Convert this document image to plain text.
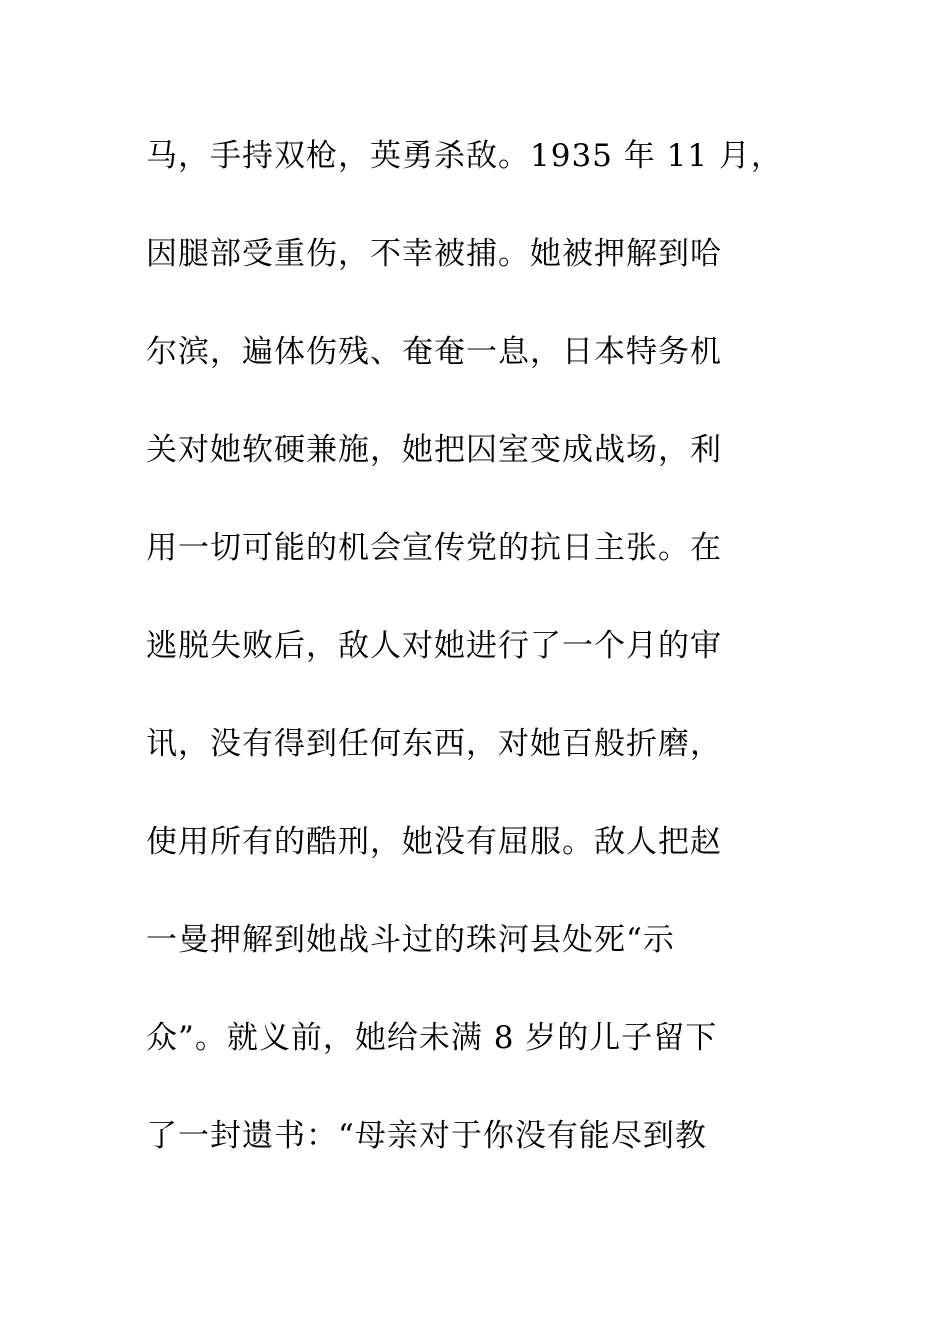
马，手持双枪，英勇杀敌。1935 年 11 月，
因腿部受重伤，不幸被捕。她被押解到哈
尔滨，遍体伤残、奄奄一息，日本特务机
关对她软硬兼施，她把囚室变成战场，利
用一切可能的机会宣传党的抗日主张。在
逃脱失败后，敌人对她进行了一个月的审
讯，没有得到任何东西，对她百般折磨，
使用所有的酷刑，她没有屈服。敌人把赵
一曼押解到她战斗过的珠河县处死“示
众”。就义前，她给未满 8 岁的儿子留下
了一封遗书：“母亲对于你没有能尽到教
